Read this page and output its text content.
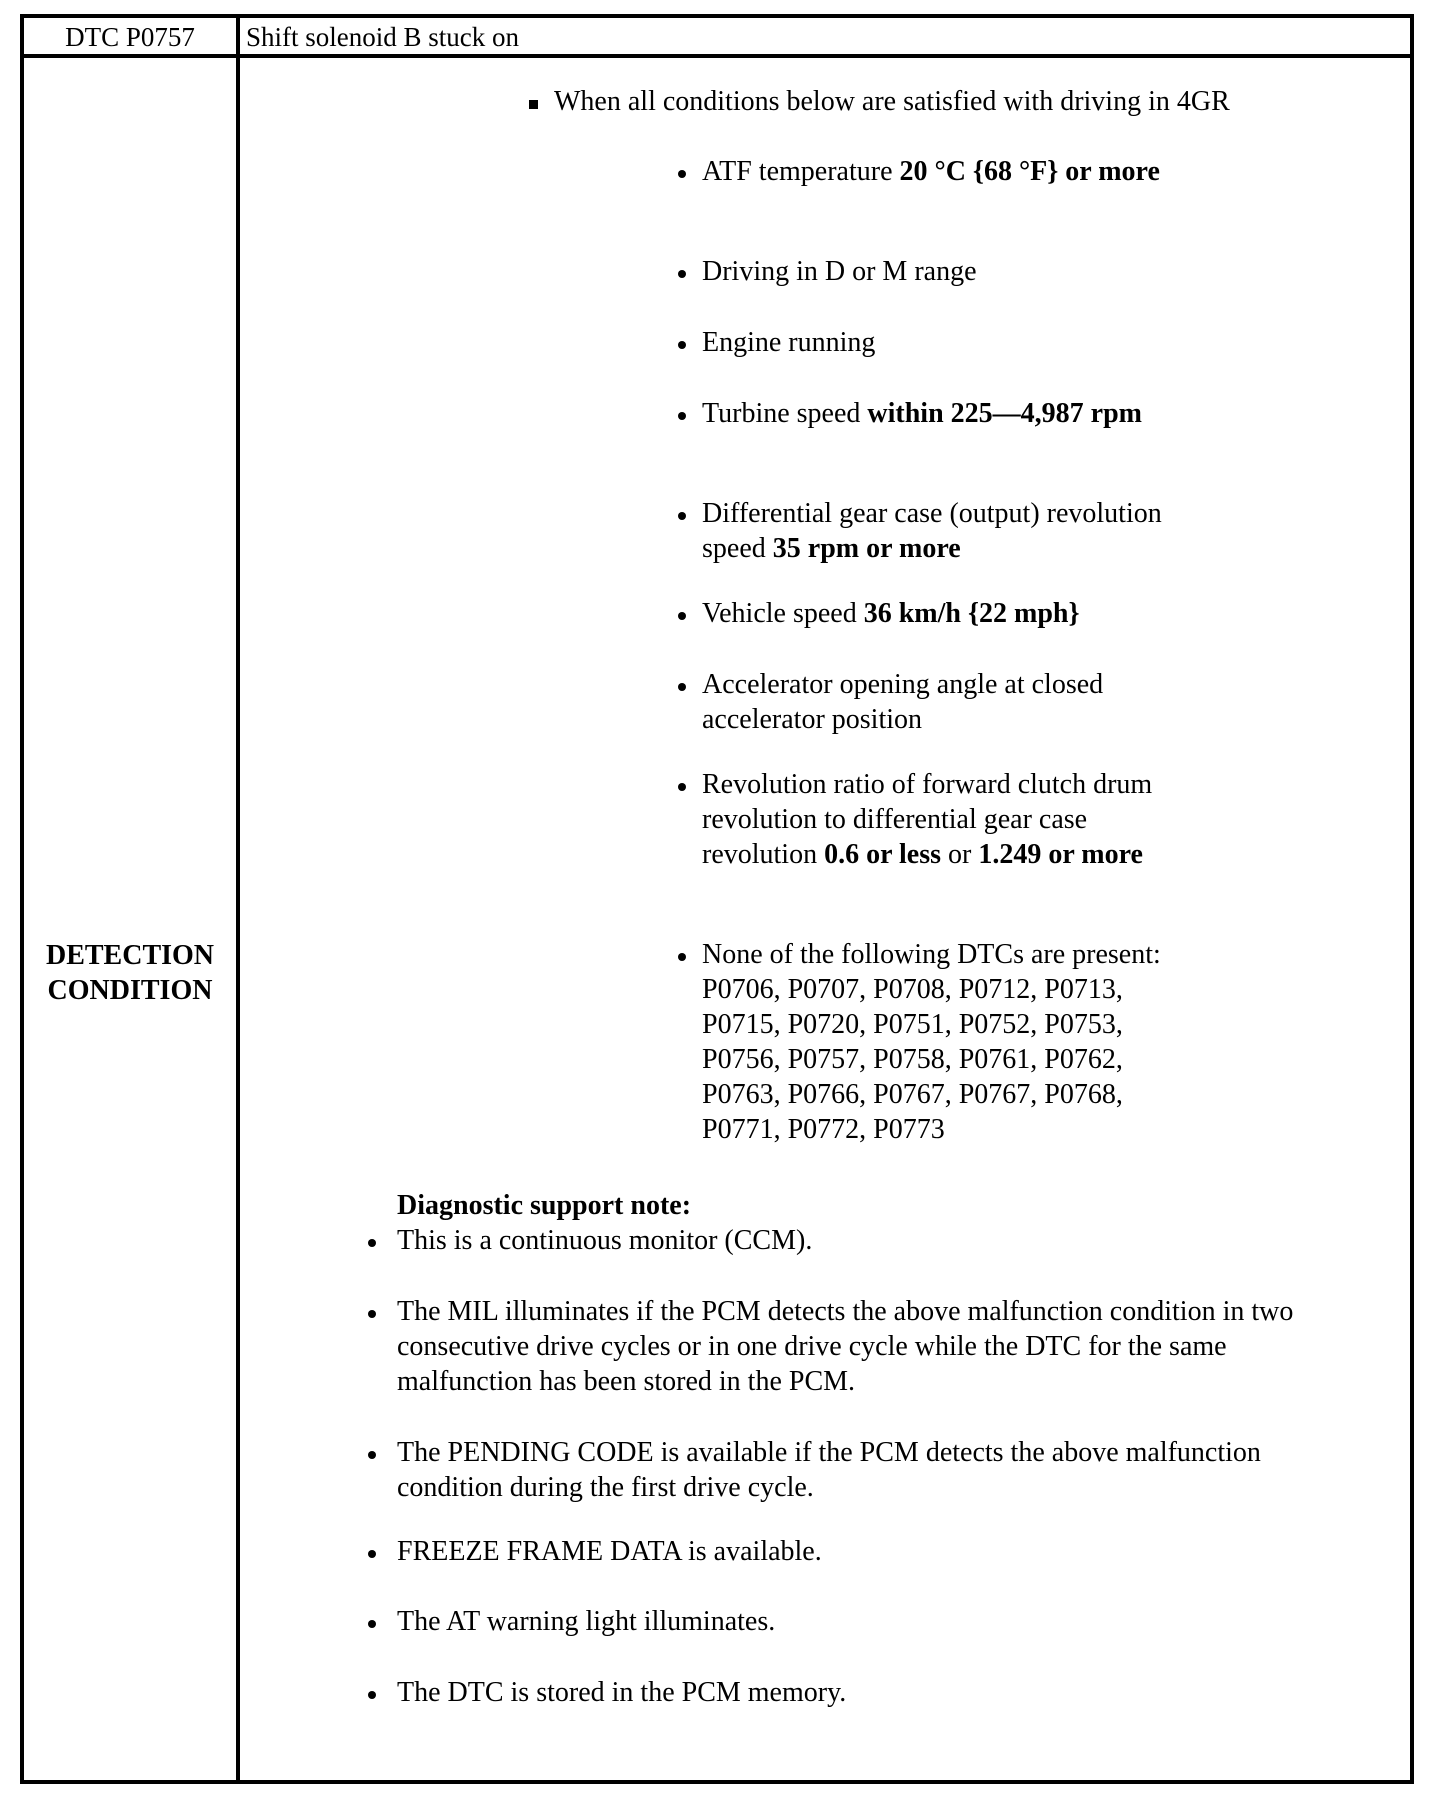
DTC P0757	Shift solenoid B stuck on
DETECTION
CONDITION
When all conditions below are satisfied with driving in 4GR
ATF temperature 20 °C {68 °F} or more
Driving in D or M range
Engine running
Turbine speed within 225—4,987 rpm
Differential gear case (output) revolution speed 35 rpm or more
Vehicle speed 36 km/h {22 mph}
Accelerator opening angle at closed accelerator position
Revolution ratio of forward clutch drum revolution to differential gear case revolution 0.6 or less or 1.249 or more
None of the following DTCs are present: P0706, P0707, P0708, P0712, P0713, P0715, P0720, P0751, P0752, P0753, P0756, P0757, P0758, P0761, P0762, P0763, P0766, P0767, P0767, P0768, P0771, P0772, P0773
Diagnostic support note:
This is a continuous monitor (CCM).
The MIL illuminates if the PCM detects the above malfunction condition in two consecutive drive cycles or in one drive cycle while the DTC for the same malfunction has been stored in the PCM.
The PENDING CODE is available if the PCM detects the above malfunction condition during the first drive cycle.
FREEZE FRAME DATA is available.
The AT warning light illuminates.
The DTC is stored in the PCM memory.
